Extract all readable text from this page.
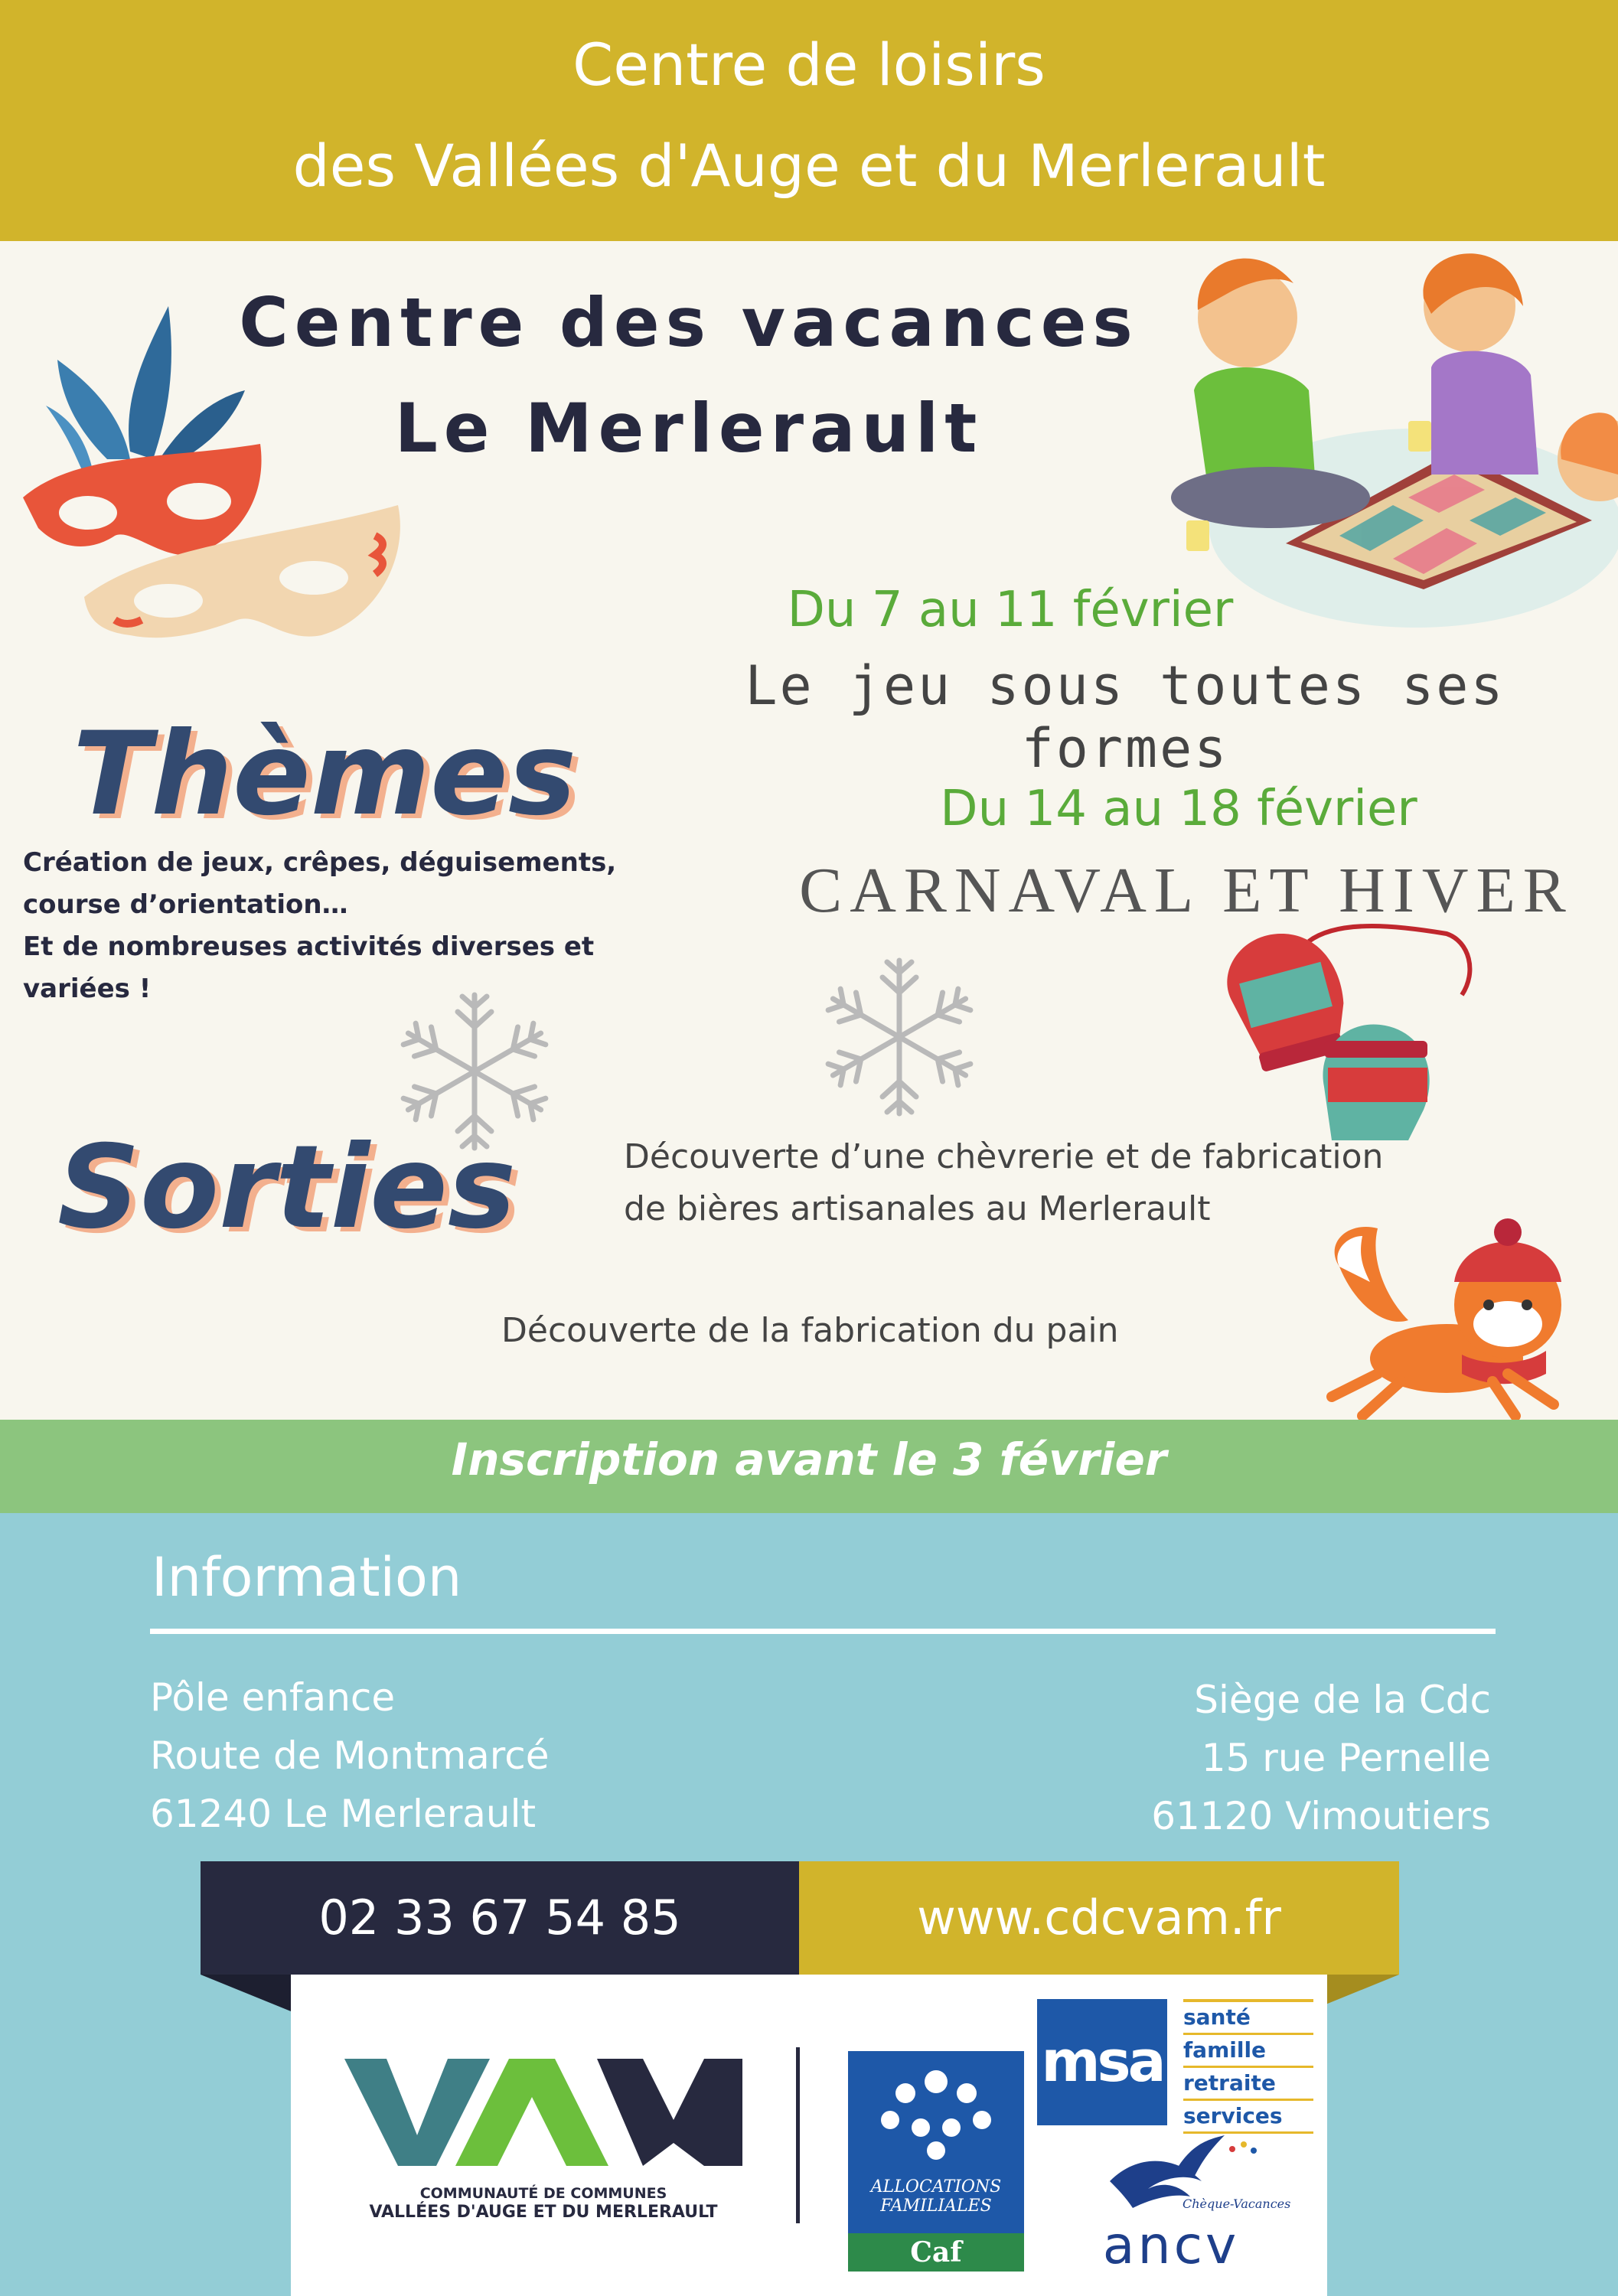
Centre de loisirs
des Vallées d'Auge et du Merlerault
Centre des vacances
Le Merlerault
Du 7 au 11 février
Le jeu sous toutes ses formes
Thèmes	Du 14 au 18 février
CARNAVAL ET HIVER
Création de jeux, crêpes, déguisements,
course d’orientation…
Et de nombreuses activités diverses et
variées !
Sorties	Découverte d’une chèvrerie et de fabrication
de bières artisanales au Merlerault
Découverte de la fabrication du pain
Inscription avant le 3 février
Information
Pôle enfance
Route de Montmarcé
61240 Le Merlerault
Siège de la Cdc
15 rue Pernelle
61120 Vimoutiers
02 33 67 54 85	www.cdcvam.fr
COMMUNAUTÉ DE COMMUNES
VALLÉES D'AUGE ET DU MERLERAULT
ALLOCATIONS
FAMILIALES
Caf
msa
santé
famille
retraite
services
Chèque-Vacances
ancv
